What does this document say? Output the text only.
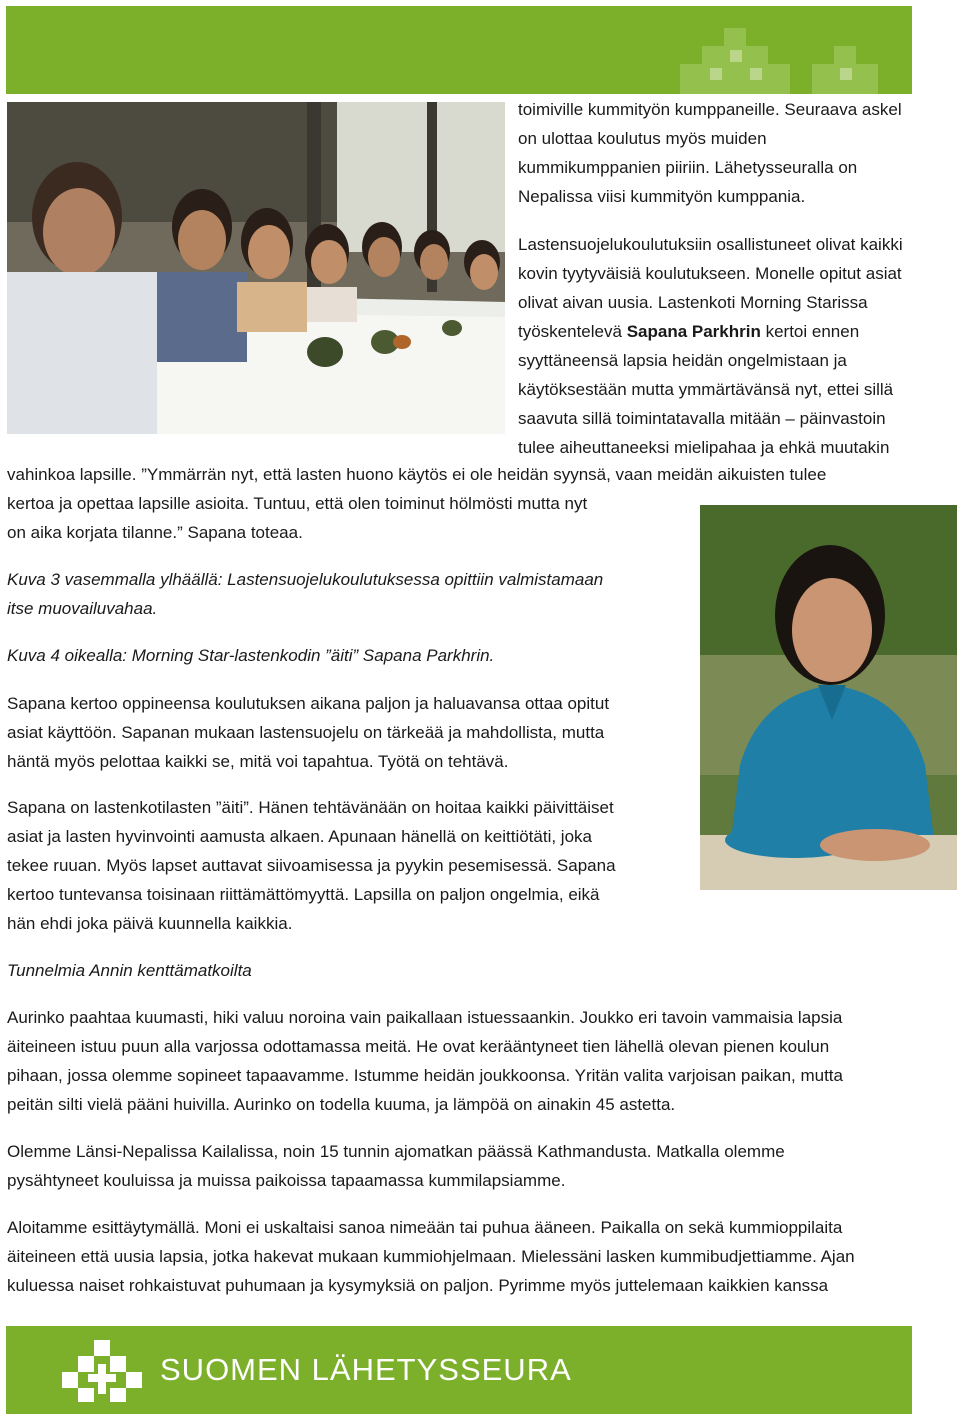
toimiville kummityön kumppaneille. Seuraava askel

on ulottaa koulutus myös muiden

kummikumppanien piiriin. Lähetysseuralla on

Nepalissa viisi kummityön kumppania.

Lastensuojelukoulutuksiin osallistuneet olivat kaikki

kovin tyytyväisiä koulutukseen. Monelle opitut asiat

olivat aivan uusia. Lastenkoti Morning Starissa

työskentelevä Sapana Parkhrin kertoi ennen

syyttäneensä lapsia heidän ongelmistaan ja

käytöksestään mutta ymmärtävänsä nyt, ettei sillä

saavuta sillä toimintatavalla mitään – päinvastoin

tulee aiheuttaneeksi mielipahaa ja ehkä muutakin

vahinkoa lapsille. ”Ymmärrän nyt, että lasten huono käytös ei ole heidän syynsä, vaan meidän aikuisten tulee

kertoa ja opettaa lapsille asioita. Tuntuu, että olen toiminut hölmösti mutta nyt

on aika korjata tilanne.” Sapana toteaa.

Kuva 3 vasemmalla ylhäällä: Lastensuojelukoulutuksessa opittiin valmistamaan

itse muovailuvahaa.

Kuva 4 oikealla: Morning Star-lastenkodin ”äiti” Sapana Parkhrin.

Sapana kertoo oppineensa koulutuksen aikana paljon ja haluavansa ottaa opitut

asiat käyttöön. Sapanan mukaan lastensuojelu on tärkeää ja mahdollista, mutta

häntä myös pelottaa kaikki se, mitä voi tapahtua. Työtä on tehtävä.

Sapana on lastenkotilasten ”äiti”. Hänen tehtävänään on hoitaa kaikki päivittäiset

asiat ja lasten hyvinvointi aamusta alkaen. Apunaan hänellä on keittiötäti, joka

tekee ruuan. Myös lapset auttavat siivoamisessa ja pyykin pesemisessä. Sapana

kertoo tuntevansa toisinaan riittämättömyyttä. Lapsilla on paljon ongelmia, eikä

hän ehdi joka päivä kuunnella kaikkia.

Tunnelmia Annin kenttämatkoilta

Aurinko paahtaa kuumasti, hiki valuu noroina vain paikallaan istuessaankin. Joukko eri tavoin vammaisia lapsia

äiteineen istuu puun alla varjossa odottamassa meitä. He ovat kerääntyneet tien lähellä olevan pienen koulun

pihaan, jossa olemme sopineet tapaavamme. Istumme heidän joukkoonsa. Yritän valita varjoisan paikan, mutta

peitän silti vielä pääni huivilla. Aurinko on todella kuuma, ja lämpöä on ainakin 45 astetta.

Olemme Länsi-Nepalissa Kailalissa, noin 15 tunnin ajomatkan päässä Kathmandusta. Matkalla olemme

pysähtyneet kouluissa ja muissa paikoissa tapaamassa kummilapsiamme.

Aloitamme esittäytymällä. Moni ei uskaltaisi sanoa nimeään tai puhua ääneen. Paikalla on sekä kummioppilaita

äiteineen että uusia lapsia, jotka hakevat mukaan kummiohjelmaan. Mielessäni lasken kummibudjettiamme. Ajan

kuluessa naiset rohkaistuvat puhumaan ja kysymyksiä on paljon. Pyrimme myös juttelemaan kaikkien kanssa

SUOMEN LÄHETYSSEURA
